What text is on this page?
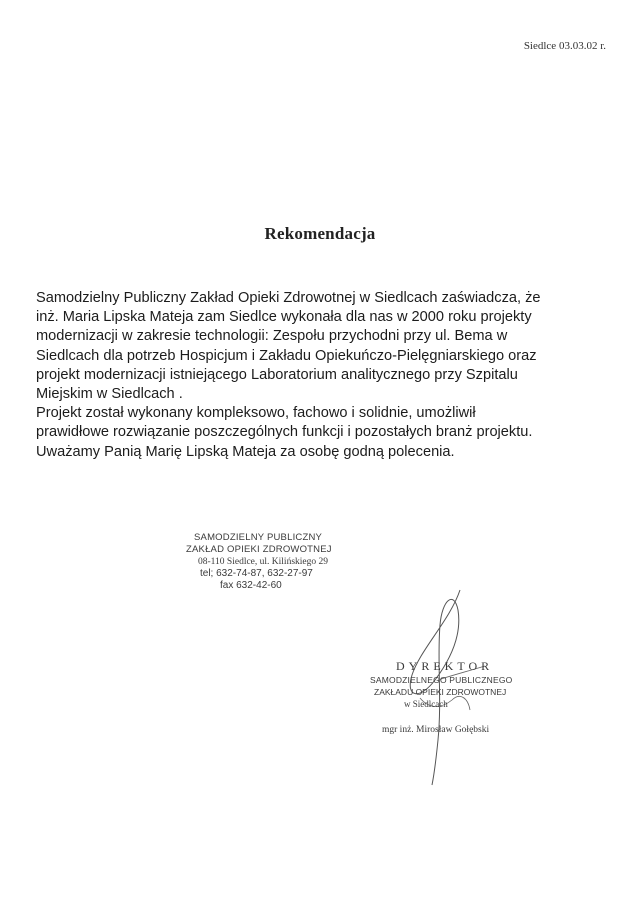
Siedlce 03.03.02 r.
Rekomendacja
Samodzielny Publiczny Zakład Opieki Zdrowotnej w Siedlcach zaświadcza, że
inż. Maria Lipska Mateja zam Siedlce wykonała dla nas w 2000 roku projekty
modernizacji w zakresie technologii: Zespołu przychodni przy ul. Bema w
Siedlcach dla potrzeb Hospicjum i Zakładu Opiekuńczo-Pielęgniarskiego oraz
projekt modernizacji istniejącego Laboratorium analitycznego przy Szpitalu
Miejskim w Siedlcach .
Projekt został wykonany kompleksowo, fachowo i solidnie, umożliwił
prawidłowe rozwiązanie poszczególnych funkcji i pozostałych branż projektu.
Uważamy Panią Marię Lipską Mateja za osobę godną polecenia.
SAMODZIELNY PUBLICZNY
ZAKŁAD OPIEKI ZDROWOTNEJ
08-110 Siedlce, ul. Kilińskiego 29
tel; 632-74-87, 632-27-97
fax 632-42-60
DYREKTOR
SAMODZIELNEGO PUBLICZNEGO
ZAKŁADU OPIEKI ZDROWOTNEJ
w Siedlcach
mgr inż. Mirosław Gołębski
